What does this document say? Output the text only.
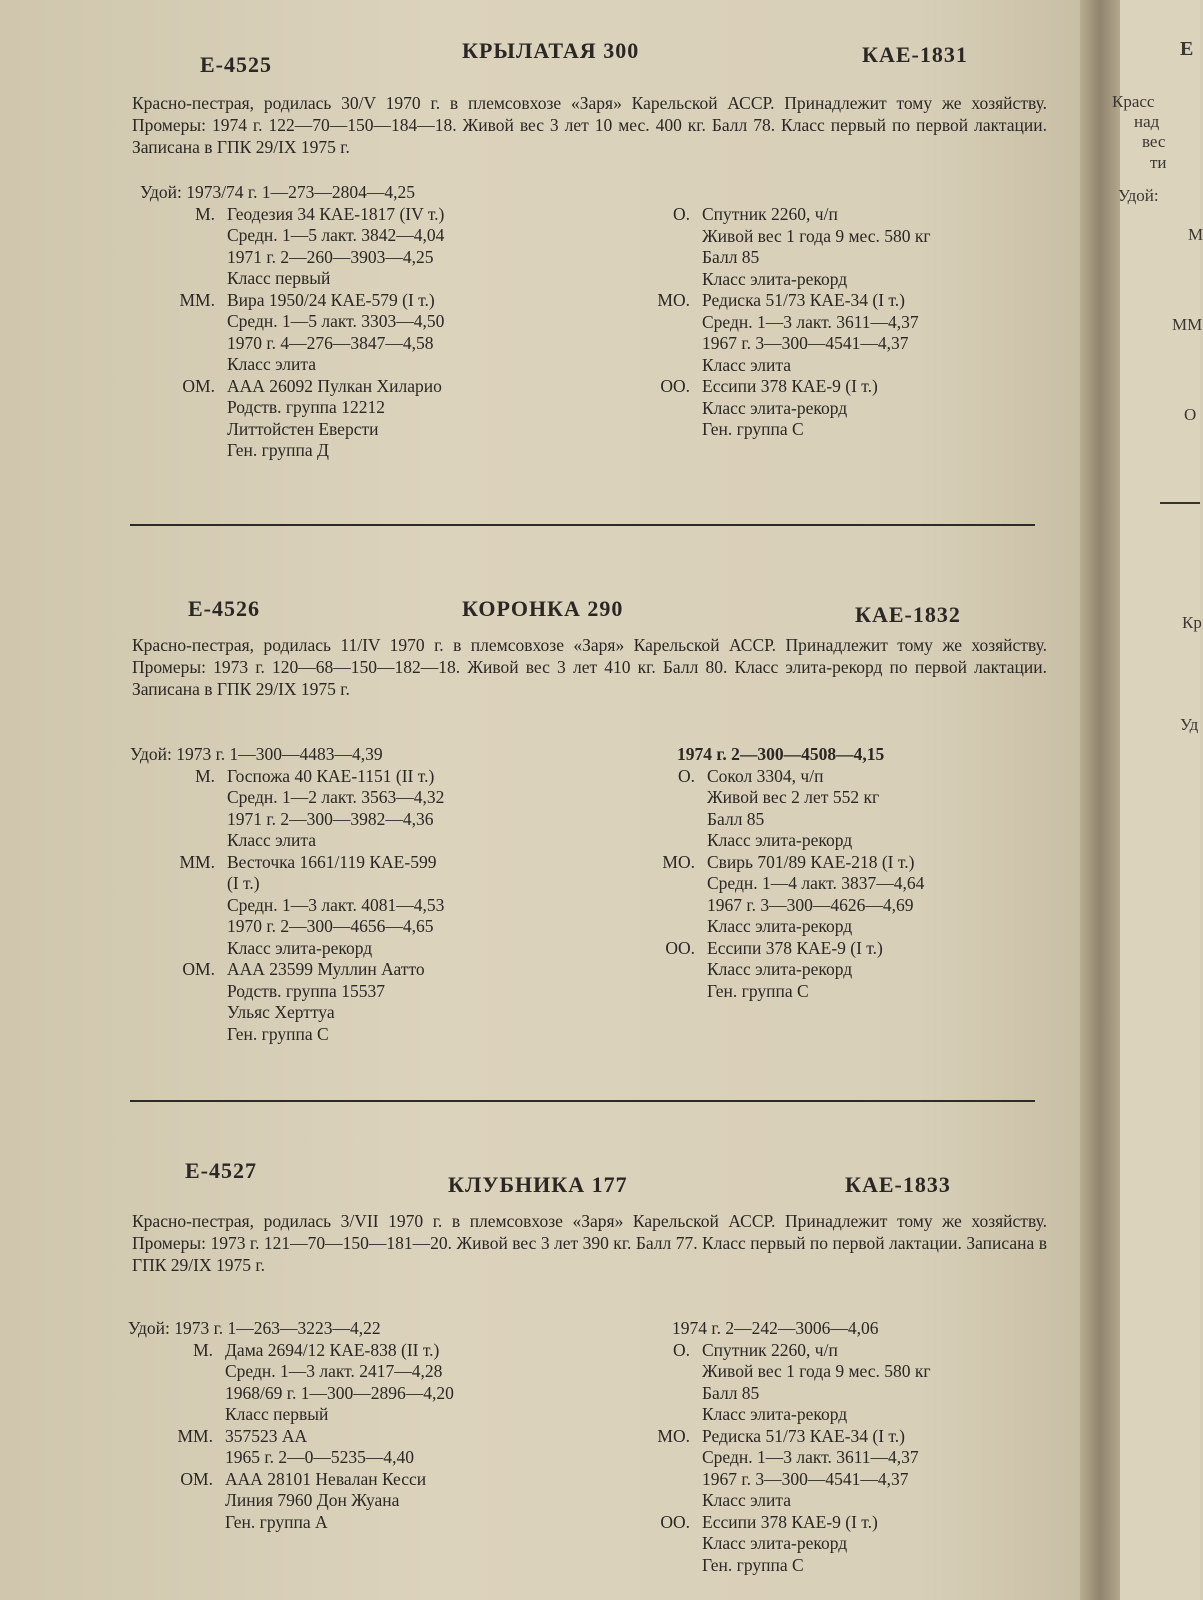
Е
Красс
над
вес
ти
Удой:
М
ММ
О
Кр
Уд
Е-4525
КРЫЛАТАЯ 300	КАЕ-1831

Красно-пестрая, родилась 30/V 1970 г. в племсовхозе «Заря» Карельской АССР. Принадлежит тому же хозяйству. Промеры: 1974 г. 122—70—150—184—18. Живой вес 3 лет 10 мес. 400 кг. Балл 78. Класс первый по первой лактации. Записана в ГПК 29/IX 1975 г.

Удой: 1973/74 г. 1—273—2804—4,25
М. Геодезия 34 КАЕ-1817 (IV т.)
Средн. 1—5 лакт. 3842—4,04
1971 г. 2—260—3903—4,25
Класс первый
ММ. Вира 1950/24 КАЕ-579 (I т.)
Средн. 1—5 лакт. 3303—4,50
1970 г. 4—276—3847—4,58
Класс элита
ОМ. ААА 26092 Пулкан Хиларио
Родств. группа 12212
Литтойстен Еверсти
Ген. группа Д
О. Спутник 2260, ч/п
Живой вес 1 года 9 мес. 580 кг
Балл 85
Класс элита-рекорд
МО. Редиска 51/73 КАЕ-34 (I т.)
Средн. 1—3 лакт. 3611—4,37
1967 г. 3—300—4541—4,37
Класс элита
ОО. Ессипи 378 КАЕ-9 (I т.)
Класс элита-рекорд
Ген. группа С
Е-4526	КОРОНКА 290	КАЕ-1832

Красно-пестрая, родилась 11/IV 1970 г. в племсовхозе «Заря» Карельской АССР. Принадлежит тому же хозяйству. Промеры: 1973 г. 120—68—150—182—18. Живой вес 3 лет 410 кг. Балл 80. Класс элита-рекорд по первой лактации. Записана в ГПК 29/IX 1975 г.

Удой: 1973 г. 1—300—4483—4,39
М. Госпожа 40 КАЕ-1151 (II т.)
Средн. 1—2 лакт. 3563—4,32
1971 г. 2—300—3982—4,36
Класс элита
ММ. Весточка 1661/119 КАЕ-599
(I т.)
Средн. 1—3 лакт. 4081—4,53
1970 г. 2—300—4656—4,65
Класс элита-рекорд
ОМ. ААА 23599 Муллин Аатто
Родств. группа 15537
Ульяс Херттуа
Ген. группа С
1974 г. 2—300—4508—4,15
О. Сокол 3304, ч/п
Живой вес 2 лет 552 кг
Балл 85
Класс элита-рекорд
МО. Свирь 701/89 КАЕ-218 (I т.)
Средн. 1—4 лакт. 3837—4,64
1967 г. 3—300—4626—4,69
Класс элита-рекорд
ОО. Ессипи 378 КАЕ-9 (I т.)
Класс элита-рекорд
Ген. группа С
Е-4527
КЛУБНИКА 177	КАЕ-1833

Красно-пестрая, родилась 3/VII 1970 г. в племсовхозе «Заря» Карельской АССР. Принадлежит тому же хозяйству. Промеры: 1973 г. 121—70—150—181—20. Живой вес 3 лет 390 кг. Балл 77. Класс первый по первой лактации. Записана в ГПК 29/IX 1975 г.

Удой: 1973 г. 1—263—3223—4,22
М. Дама 2694/12 КАЕ-838 (II т.)
Средн. 1—3 лакт. 2417—4,28
1968/69 г. 1—300—2896—4,20
Класс первый
ММ. 357523 АА
1965 г. 2—0—5235—4,40
ОМ. ААА 28101 Невалан Кесси
Линия 7960 Дон Жуана
Ген. группа А
1974 г. 2—242—3006—4,06
О. Спутник 2260, ч/п
Живой вес 1 года 9 мес. 580 кг
Балл 85
Класс элита-рекорд
МО. Редиска 51/73 КАЕ-34 (I т.)
Средн. 1—3 лакт. 3611—4,37
1967 г. 3—300—4541—4,37
Класс элита
ОО. Ессипи 378 КАЕ-9 (I т.)
Класс элита-рекорд
Ген. группа С
